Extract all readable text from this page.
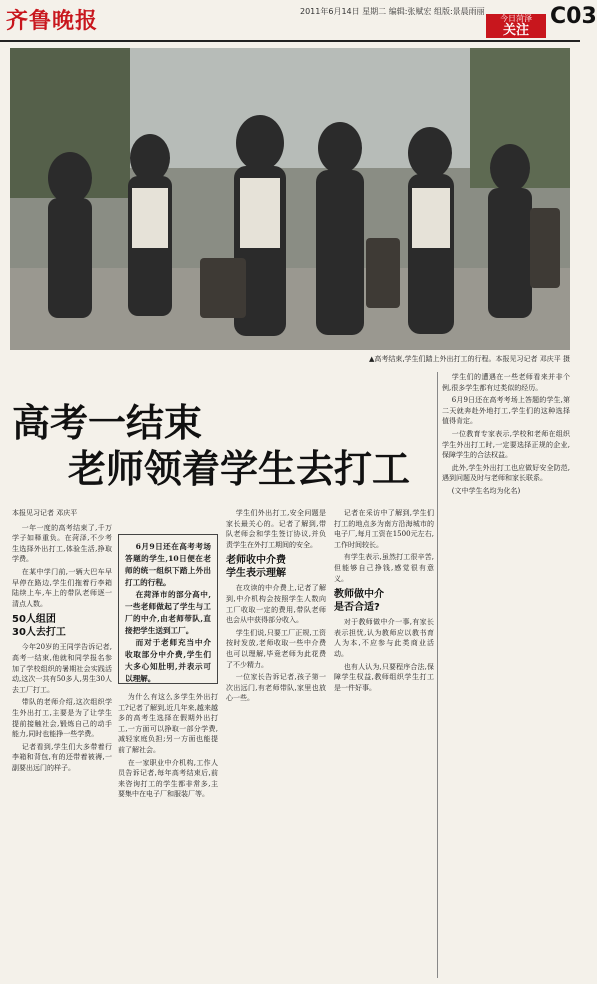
齐鲁晚报	2011年6月14日 星期二 编辑:张赋宏 组版:景晨雨丽
今日菏泽
关注
C03
▲高考结束,学生们踏上外出打工的行程。本报见习记者 邓庆平 摄
高考一结束
老师领着学生去打工
本报见习记者 邓庆平

一年一度的高考结束了,千万学子如释重负。在菏泽,不少考生选择外出打工,体验生活,挣取学费。

在某中学门前,一辆大巴车早早停在路边,学生们拖着行李箱陆续上车,车上的带队老师逐一清点人数。

50人组团
30人去打工

今年20岁的王同学告诉记者,高考一结束,他就和同学报名参加了学校组织的暑期社会实践活动,这次一共有50多人,男生30人去工厂打工。

带队的老师介绍,这次组织学生外出打工,主要是为了让学生提前接触社会,锻炼自己的动手能力,同时也能挣一些学费。

记者看到,学生们大多带着行李箱和背包,有的还带着被褥,一副要出远门的样子。

6月9日还在高考考场答题的学生,10日便在老师的统一组织下踏上外出打工的行程。

在菏泽市的部分高中,一些老师做起了学生与工厂的中介,由老师带队,直接把学生送到工厂。

而对于老师充当中介收取部分中介费,学生们大多心知肚明,并表示可以理解。

为什么有这么多学生外出打工?记者了解到,近几年来,越来越多的高考生选择在假期外出打工,一方面可以挣取一部分学费,减轻家庭负担;另一方面也能提前了解社会。

在一家职业中介机构,工作人员告诉记者,每年高考结束后,前来咨询打工的学生都非常多,主要集中在电子厂和服装厂等。

学生们外出打工,安全问题是家长最关心的。记者了解到,带队老师会和学生签订协议,并负责学生在外打工期间的安全。

老师收中介费
学生表示理解

在攻读的中介费上,记者了解到,中介机构会按照学生人数向工厂收取一定的费用,带队老师也会从中获得部分收入。

学生们说,只要工厂正规,工资按时发放,老师收取一些中介费也可以理解,毕竟老师为此花费了不少精力。

一位家长告诉记者,孩子第一次出远门,有老师带队,家里也放心一些。

记者在采访中了解到,学生们打工的地点多为南方沿海城市的电子厂,每月工资在1500元左右,工作时间较长。

有学生表示,虽然打工很辛苦,但能够自己挣钱,感觉很有意义。

教师做中介
是否合适?

对于教师做中介一事,有家长表示担忧,认为教师应以教书育人为本,不应参与此类商业活动。

也有人认为,只要程序合法,保障学生权益,教师组织学生打工是一件好事。

学生们的遭遇在一些老师看来并非个例,很多学生都有过类似的经历。

6月9日还在高考考场上答题的学生,第二天就奔赴外地打工,学生们的这种选择值得肯定。

一位教育专家表示,学校和老师在组织学生外出打工时,一定要选择正规的企业,保障学生的合法权益。

此外,学生外出打工也应做好安全防范,遇到问题及时与老师和家长联系。

(文中学生名均为化名)
